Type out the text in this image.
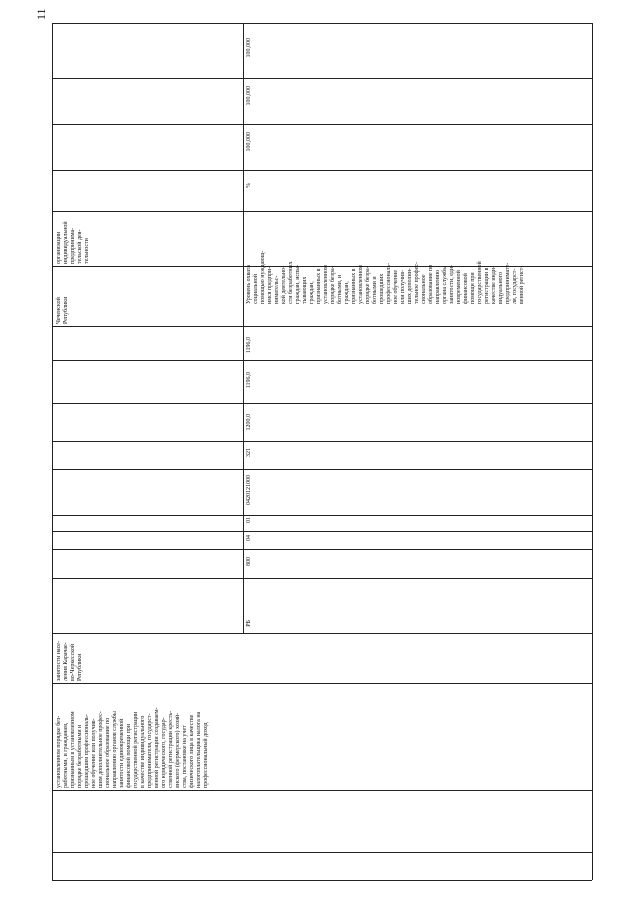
11
организации
индивидуальной
предпринима-
тельской дея-
тельности
Чеченской
Републики
Уровень охвата
социальной
помощью нуждающ-
имся предпри-
нимательс-
кой деятельно-
сти безработных
граждан, испы-
тывающих
граждан,
признанных в
установленном
порядке безра-
ботными, и
граждан,
признанных в
установленном
порядке безра-
ботными и
прошедших
профессиональ-
ное обучение
или получив-
ших дополни-
тельное профес-
сиональное
образование по
направлению
органа службы
занятости, еди-
новременной
финансовой
помощи при
государственной
регистрации в
качестве инди-
видуального
предпринимате-
ля, государст-
венной регист-
%
100,000
100,000
100,000
1196,0
1196,0
1200,0
321
0420121000
01
04
800
РБ
занятости насе-
ления Карачае-
во-Черкесской
Републики
установленном порядке без-
работными, и гражданам,
признанным в установленном
порядке безработными и
прошедшим профессиональ-
ное обучение или получив-
шим дополнительное профес-
сиональное образование по
направлению органов службы
занятости единовременной
финансовой помощи при
государственной регистрации
в качестве индивидуального
предпринимателя, государст-
венной регистрации создаваем-
ого юридического, государ-
ственной регистрации кресть-
янского (фермерского) хозяй-
ства, постановке на учет
физического лица в качестве
налогоплательщика налога на
профессиональный доход
